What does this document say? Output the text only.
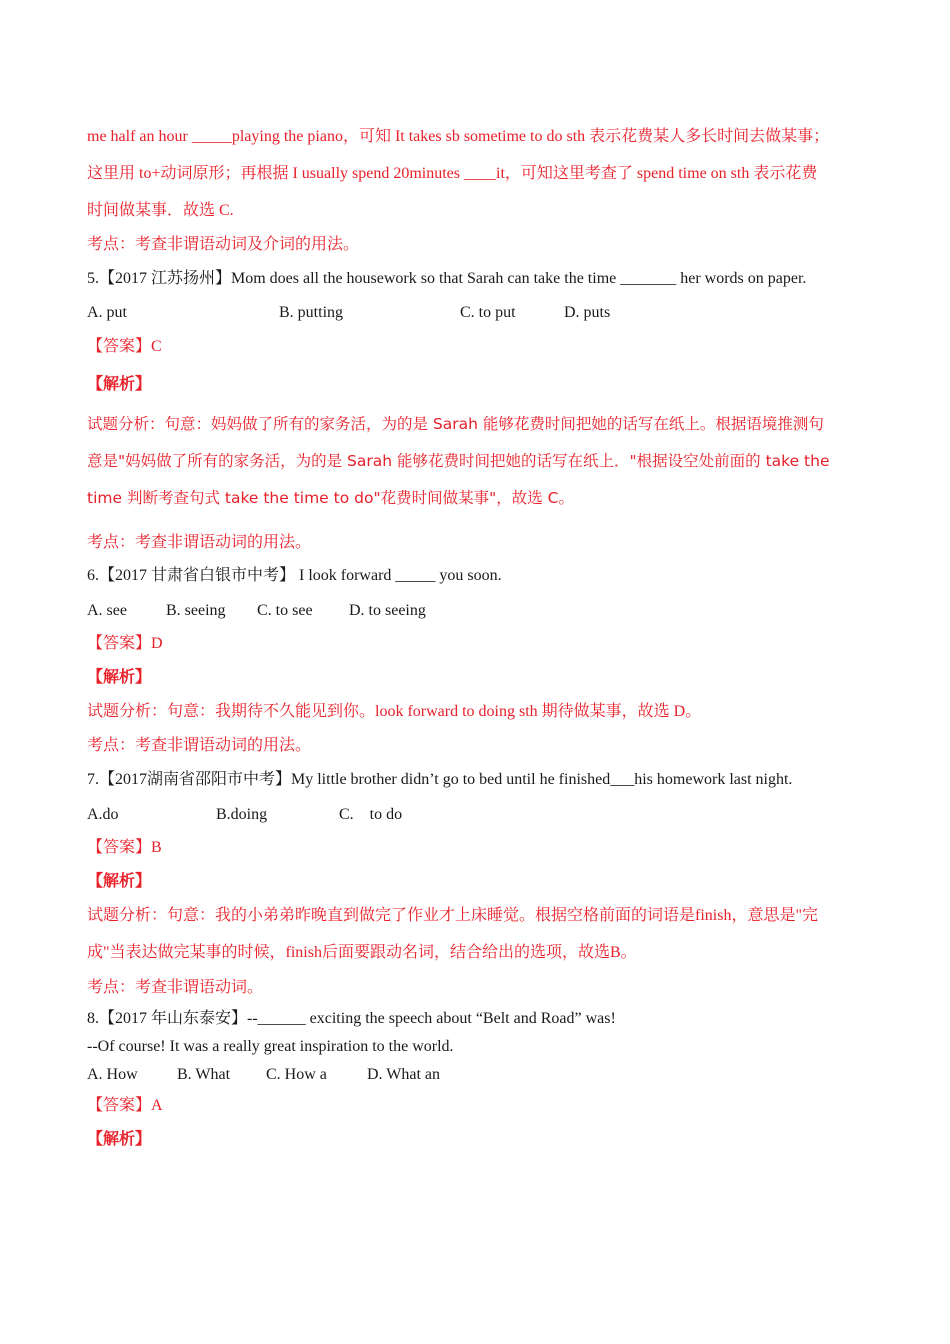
me half an hour _____playing the piano，可知 It takes sb sometime to do sth 表示花费某人多长时间去做某事；
这里用 to+动词原形；再根据 I usually spend 20minutes ____it，可知这里考查了 spend time on sth 表示花费
时间做某事．故选 C.
考点：考查非谓语动词及介词的用法。
5.【2017 江苏扬州】Mom does all the housework so that Sarah can take the time _______ her words on paper.
A. put	B. putting	C. to put	D. puts
【答案】C
【解析】
试题分析：句意：妈妈做了所有的家务活，为的是 Sarah 能够花费时间把她的话写在纸上。根据语境推测句
意是"妈妈做了所有的家务活，为的是 Sarah 能够花费时间把她的话写在纸上．"根据设空处前面的 take the
time 判断考查句式 take the time to do"花费时间做某事"，故选 C。
考点：考查非谓语动词的用法。
6.【2017 甘肃省白银市中考】 I look forward _____ you soon.
A. see B. seeing C. to see D. to seeing
【答案】D
【解析】
试题分析：句意：我期待不久能见到你。look forward to doing sth 期待做某事，故选 D。
考点：考查非谓语动词的用法。
7.【2017湖南省邵阳市中考】My little brother didn’t go to bed until he finished___his homework last night.
A.do	B.doing	C.    to do
【答案】B
【解析】
试题分析：句意：我的小弟弟昨晚直到做完了作业才上床睡觉。根据空格前面的词语是finish，意思是"完
成"当表达做完某事的时候，finish后面要跟动名词，结合给出的选项，故选B。
考点：考查非谓语动词。
8.【2017 年山东泰安】--______ exciting the speech about “Belt and Road” was!
--Of course! It was a really great inspiration to the world.
A. How B. What C. How a	D. What an
【答案】A
【解析】
